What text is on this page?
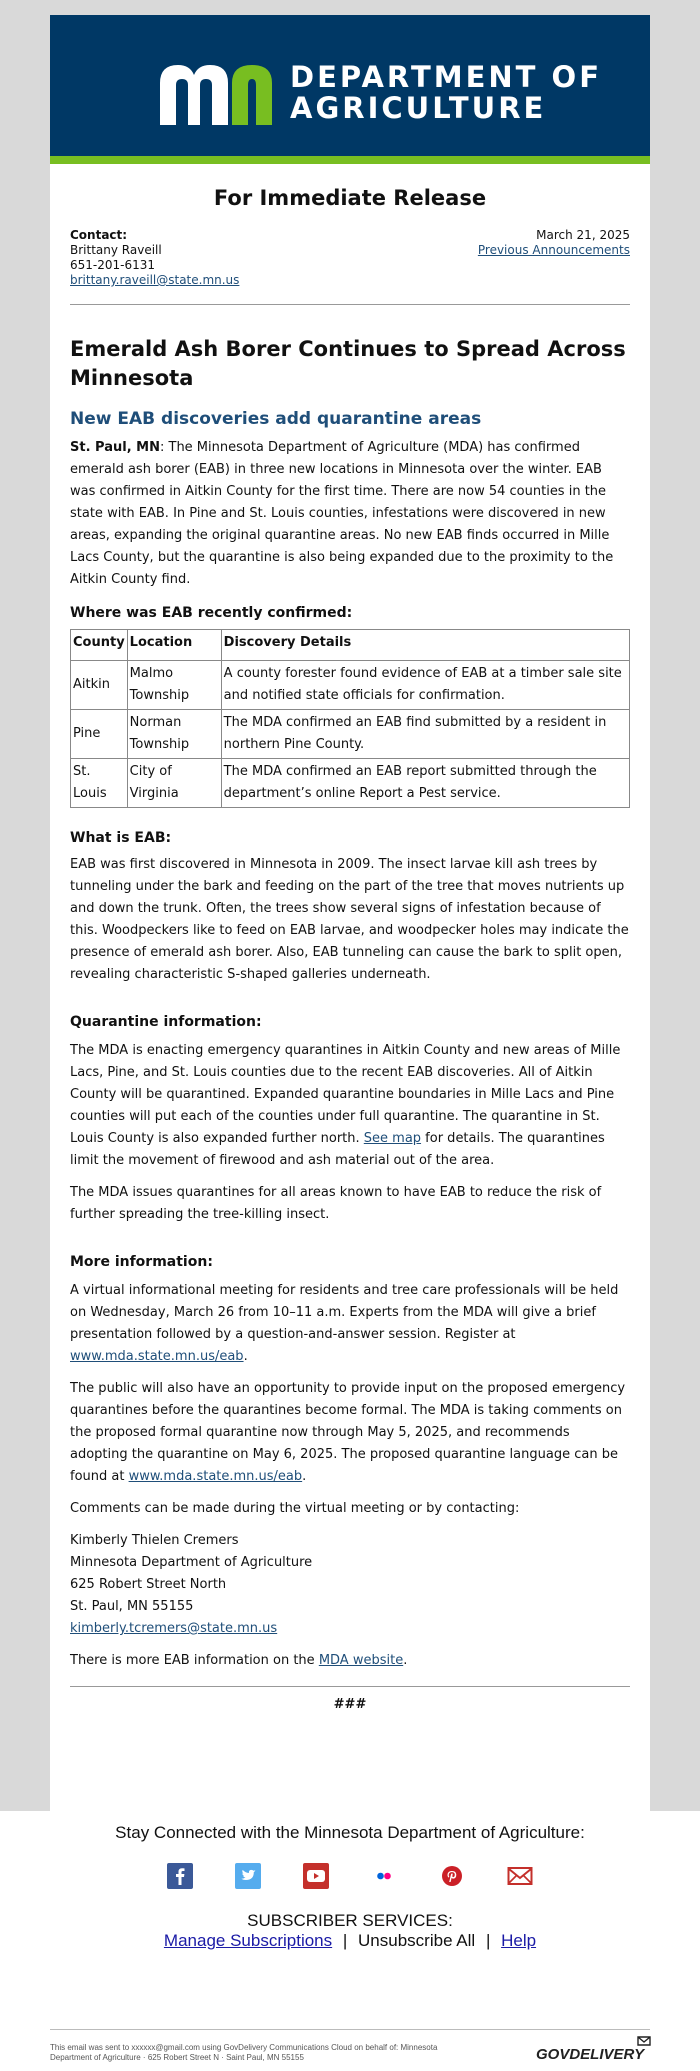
DEPARTMENT OF
AGRICULTURE
For Immediate Release
Contact:
Brittany Raveill
651-201-6131
brittany.raveill@state.mn.us
March 21, 2025
Previous Announcements
Emerald Ash Borer Continues to Spread Across Minnesota
New EAB discoveries add quarantine areas

St. Paul, MN: The Minnesota Department of Agriculture (MDA) has confirmed emerald ash borer (EAB) in three new locations in Minnesota over the winter. EAB was confirmed in Aitkin County for the first time. There are now 54 counties in the state with EAB. In Pine and St. Louis counties, infestations were discovered in new areas, expanding the original quarantine areas. No new EAB finds occurred in Mille Lacs County, but the quarantine is also being expanded due to the proximity to the Aitkin County find.

Where was EAB recently confirmed:
County	Location	Discovery Details
Aitkin	Malmo Township	A county forester found evidence of EAB at a timber sale site and notified state officials for confirmation.
Pine	Norman Township	The MDA confirmed an EAB find submitted by a resident in northern Pine County.
St. Louis	City of Virginia	The MDA confirmed an EAB report submitted through the department’s online Report a Pest service.
What is EAB:

EAB was first discovered in Minnesota in 2009. The insect larvae kill ash trees by tunneling under the bark and feeding on the part of the tree that moves nutrients up and down the trunk. Often, the trees show several signs of infestation because of this. Woodpeckers like to feed on EAB larvae, and woodpecker holes may indicate the presence of emerald ash borer. Also, EAB tunneling can cause the bark to split open, revealing characteristic S-shaped galleries underneath.

Quarantine information:

The MDA is enacting emergency quarantines in Aitkin County and new areas of Mille Lacs, Pine, and St. Louis counties due to the recent EAB discoveries. All of Aitkin County will be quarantined. Expanded quarantine boundaries in Mille Lacs and Pine counties will put each of the counties under full quarantine. The quarantine in St. Louis County is also expanded further north. See map for details. The quarantines limit the movement of firewood and ash material out of the area.

The MDA issues quarantines for all areas known to have EAB to reduce the risk of further spreading the tree-killing insect.

More information:

A virtual informational meeting for residents and tree care professionals will be held on Wednesday, March 26 from 10–11 a.m. Experts from the MDA will give a brief presentation followed by a question-and-answer session. Register at www.mda.state.mn.us/eab.

The public will also have an opportunity to provide input on the proposed emergency quarantines before the quarantines become formal. The MDA is taking comments on the proposed formal quarantine now through May 5, 2025, and recommends adopting the quarantine on May 6, 2025. The proposed quarantine language can be found at www.mda.state.mn.us/eab.

Comments can be made during the virtual meeting or by contacting:

Kimberly Thielen Cremers
Minnesota Department of Agriculture
625 Robert Street North
St. Paul, MN 55155
kimberly.tcremers@state.mn.us

There is more EAB information on the MDA website.

###
Stay Connected with the Minnesota Department of Agriculture:
SUBSCRIBER SERVICES:
Manage Subscriptions | Unsubscribe All | Help
This email was sent to xxxxxx@gmail.com using GovDelivery Communications Cloud on behalf of: Minnesota
Department of Agriculture · 625 Robert Street N · Saint Paul, MN 55155	GOVDELIVERY
